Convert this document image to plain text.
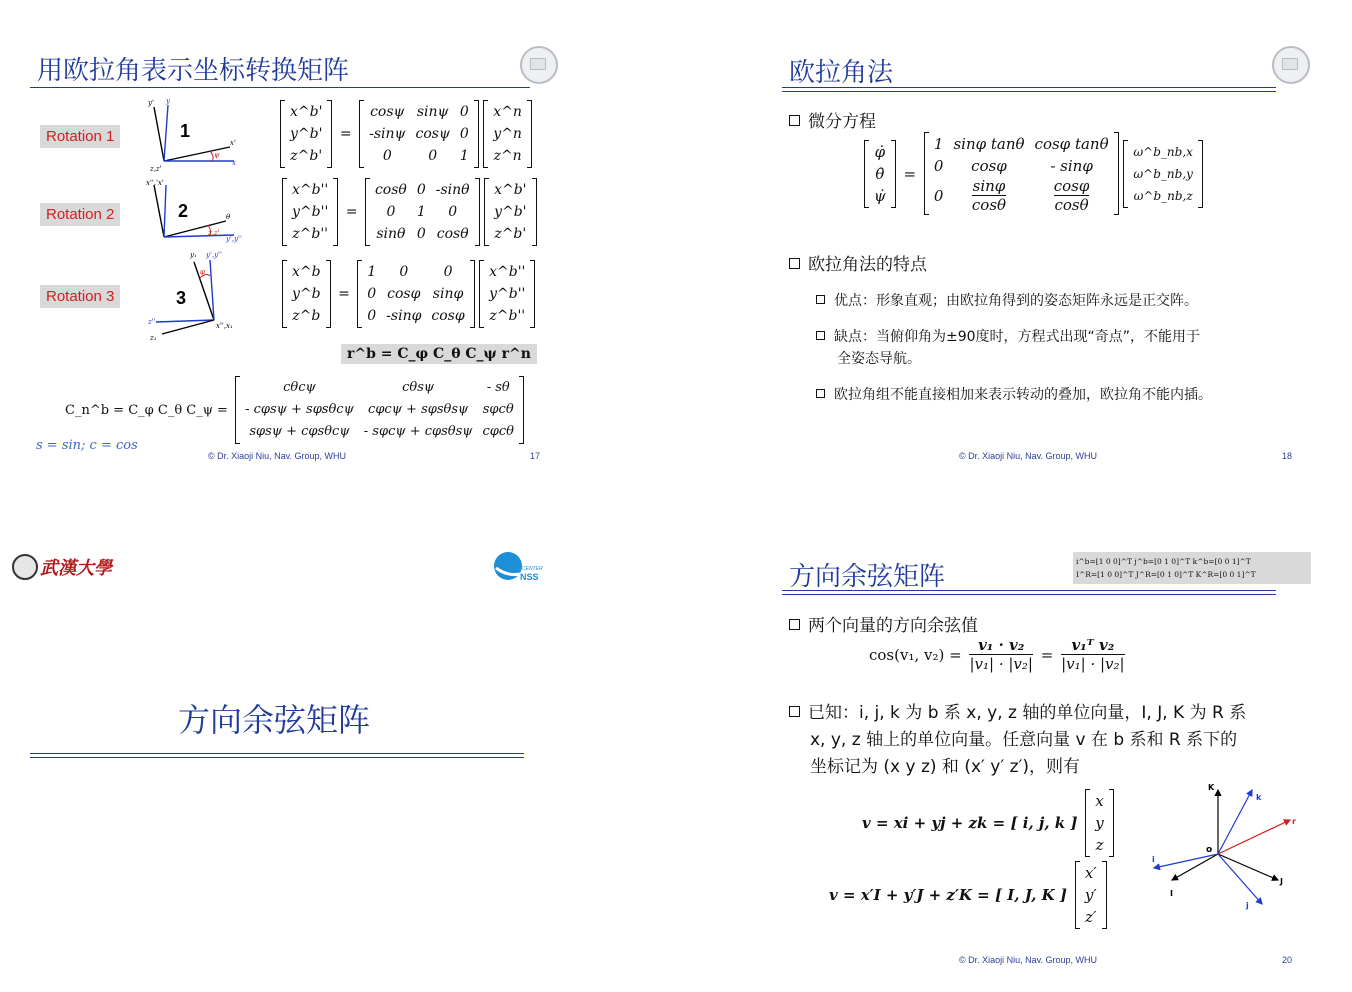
用欧拉角表示坐标转换矩阵
Rotation 1
y' y
x'
x
z,z'
ψ
1
x^b'
y^b'
z^b'
=
cosψ	sinψ	0
-sinψ	cosψ	0
0	0	1

x^n
y^n
z^n
Rotation 2
x'','x'
θ
z,z'
y',y''
2
x^b''
y^b''
z^b''
=
cosθ	0	-sinθ
0	1	0
sinθ	0	cosθ

x^b'
y^b'
z^b'
Rotation 3
y₁ y',y''
φ
z''	x'',x₁
z₁
3
x^b
y^b
z^b
=
1	0	0
0	cosφ	sinφ
0	-sinφ	cosφ

x^b''
y^b''
z^b''
r^b = C_φ C_θ C_ψ r^n
C_n^b = C_φ C_θ C_ψ =
cθcψ	cθsψ	- sθ
- cφsψ + sφsθcψ	cφcψ + sφsθsψ	sφcθ
sφsψ + cφsθcψ	- sφcψ + cφsθsψ	cφcθ
s = sin; c = cos
© Dr. Xiaoji Niu, Nav. Group, WHU	17
欧拉角法
微分方程
φ̇
θ̇
ψ̇
=
1	sinφ tanθ	cosφ tanθ
0	cosφ	- sinφ
0	$\frac{\sin\varphi}{\cos\theta}$	$\frac{\cos\varphi}{\cos\theta}$

ω^b_nb,x
ω^b_nb,y
ω^b_nb,z
欧拉角法的特点
优点：形象直观；由欧拉角得到的姿态矩阵永远是正交阵。
缺点：当俯仰角为±90度时，方程式出现“奇点”，不能用于
全姿态导航。
欧拉角组不能直接相加来表示转动的叠加，欧拉角不能内插。
© Dr. Xiaoji Niu, Nav. Group, WHU	18
武漢大學	CENTER
NSS
方向余弦矩阵
方向余弦矩阵
i^b=[1 0 0]^T j^b=[0 1 0]^T k^b=[0 0 1]^T
I^R=[1 0 0]^T J^R=[0 1 0]^T K^R=[0 0 1]^T
两个向量的方向余弦值
cos(v₁, $v_2) = \frac{\text{v₁ · v₂}}{\text{|v₁| · |v₂|}} = \frac{\text{v₁ᵀ v₂}}{\text{|v₁| · |v₂|}}$
已知：i, j, k 为 b 系 x, y, z 轴的单位向量，I, J, K 为 R 系
x, y, z 轴上的单位向量。任意向量 v 在 b 系和 R 系下的
坐标记为 (x y z) 和 (x′ y′ z′)，则有
v = xi + yj + zk = [ i, j, k ]
x
y
z
v = x′I + y′J + z′K = [ I, J, K ]
x′
y′
z′
K
k
r
o
i
I
J
j
© Dr. Xiaoji Niu, Nav. Group, WHU	20
